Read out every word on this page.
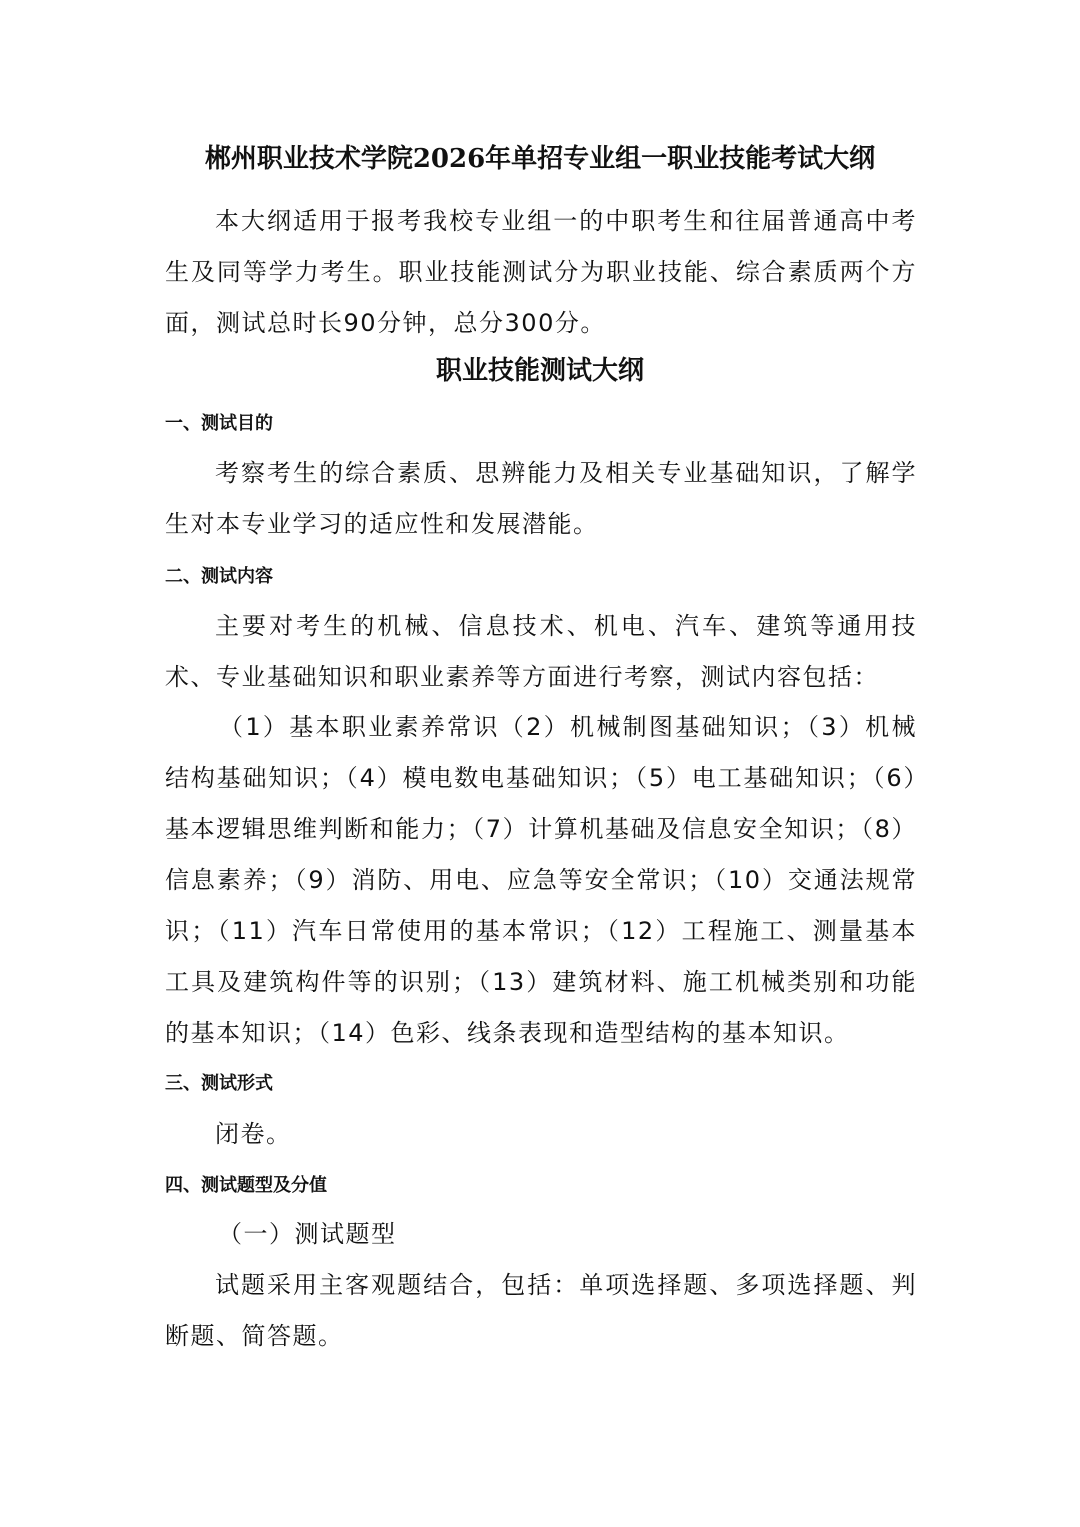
郴州职业技术学院2026年单招专业组一职业技能考试大纲

本大纲适用于报考我校专业组一的中职考生和往届普通高中考生及同等学力考生。职业技能测试分为职业技能、综合素质两个方面，测试总时长90分钟，总分300分。

职业技能测试大纲
一、测试目的

考察考生的综合素质、思辨能力及相关专业基础知识，了解学生对本专业学习的适应性和发展潜能。

二、测试内容

主要对考生的机械、信息技术、机电、汽车、建筑等通用技术、专业基础知识和职业素养等方面进行考察，测试内容包括：

（1）基本职业素养常识（2）机械制图基础知识；（3）机械结构基础知识；（4）模电数电基础知识；（5）电工基础知识；（6）基本逻辑思维判断和能力；（7）计算机基础及信息安全知识；（8）信息素养；（9）消防、用电、应急等安全常识；（10）交通法规常识；（11）汽车日常使用的基本常识；（12）工程施工、测量基本工具及建筑构件等的识别；（13）建筑材料、施工机械类别和功能的基本知识；（14）色彩、线条表现和造型结构的基本知识。

三、测试形式
闭卷。
四、测试题型及分值
（一）测试题型

试题采用主客观题结合，包括：单项选择题、多项选择题、判断题、简答题。
